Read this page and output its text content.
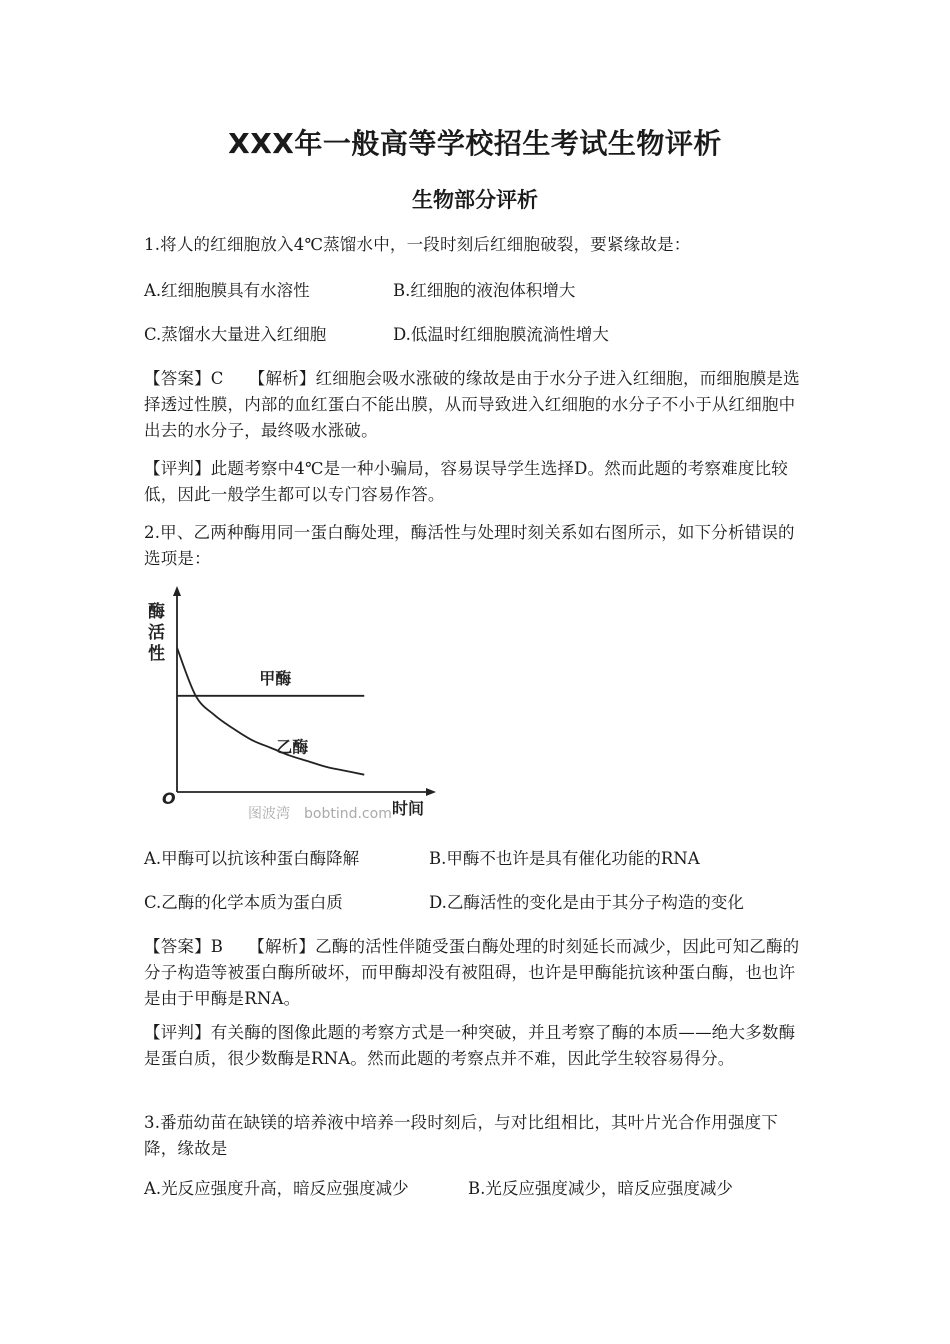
XXX年一般高等学校招生考试生物评析
生物部分评析
1.将人的红细胞放入4℃蒸馏水中，一段时刻后红细胞破裂，要紧缘故是：
A.红细胞膜具有水溶性	B.红细胞的液泡体积增大
C.蒸馏水大量进入红细胞	D.低温时红细胞膜流淌性增大
【答案】C　　【解析】红细胞会吸水涨破的缘故是由于水分子进入红细胞，而细胞膜是选择透过性膜，内部的血红蛋白不能出膜，从而导致进入红细胞的水分子不小于从红细胞中出去的水分子，最终吸水涨破。
【评判】此题考察中4℃是一种小骗局，容易误导学生选择D。然而此题的考察难度比较低，因此一般学生都可以专门容易作答。
2.甲、乙两种酶用同一蛋白酶处理，酶活性与处理时刻关系如右图所示，如下分析错误的选项是：
酶活性
O
时间
图波湾　bobtind.com
甲酶
乙酶
A.甲酶可以抗该种蛋白酶降解	B.甲酶不也许是具有催化功能的RNA
C.乙酶的化学本质为蛋白质	D.乙酶活性的变化是由于其分子构造的变化
【答案】B　　【解析】乙酶的活性伴随受蛋白酶处理的时刻延长而减少，因此可知乙酶的分子构造等被蛋白酶所破坏，而甲酶却没有被阻碍，也许是甲酶能抗该种蛋白酶，也也许是由于甲酶是RNA。
【评判】有关酶的图像此题的考察方式是一种突破，并且考察了酶的本质——绝大多数酶是蛋白质，很少数酶是RNA。然而此题的考察点并不难，因此学生较容易得分。
3.番茄幼苗在缺镁的培养液中培养一段时刻后，与对比组相比，其叶片光合作用强度下降，缘故是
A.光反应强度升高，暗反应强度减少	B.光反应强度减少，暗反应强度减少
